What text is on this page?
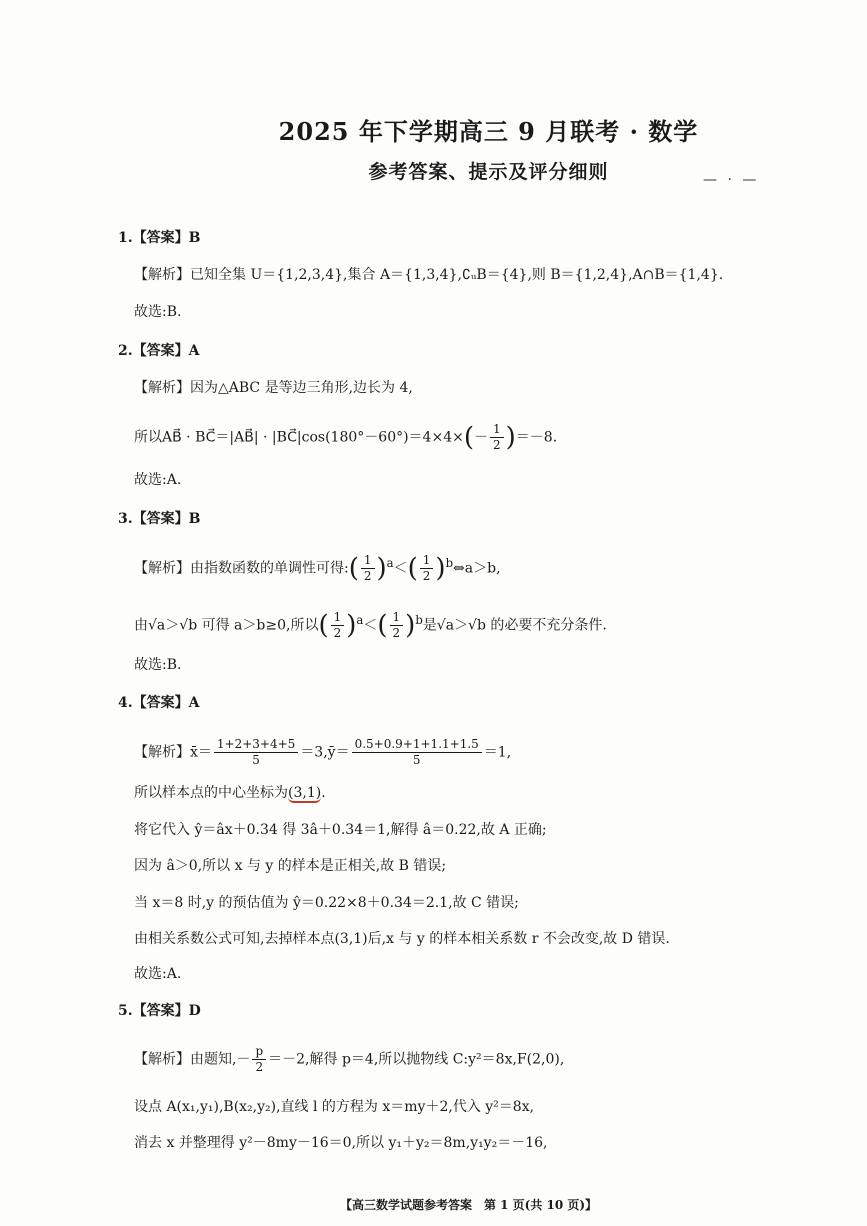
2025 年下学期高三 9 月联考 · 数学
参考答案、提示及评分细则	— · —
1.【答案】B
【解析】已知全集 U＝{1,2,3,4},集合 A＝{1,3,4},∁ᵤB＝{4},则 B＝{1,2,4},A∩B＝{1,4}.
故选:B.
2.【答案】A
【解析】因为△ABC 是等边三角形,边长为 4,
所以AB⃗ · BC⃗＝|AB⃗| · |BC⃗|cos(180°－60°)＝4×4×(－ $\frac{1}{2} )=-8$.
故选:A.
3.【答案】B
【解析】由指数函数的单调性可得:( $\frac{1}{2} )^a<( \frac{1}{2}$ )$^b\Leftrightarrow a>b$,
由√a＞√b 可得 a＞b≥0,所以( $\frac{1}{2} )^a<( \frac{1}{2} )^b$是√a＞√b 的必要不充分条件.
故选:B.
4.【答案】A
【解析】x̄＝ $\frac{1+2+3+4+5}{5}$ ＝3,ȳ＝ $\frac{0.5+0.9+1+1.1+1.5}{5} =1$,
所以样本点的中心坐标为(3,1).
将它代入 ŷ＝âx＋0.34 得 3â＋0.34＝1,解得 â＝0.22,故 A 正确;
因为 â＞0,所以 x 与 y 的样本是正相关,故 B 错误;
当 x＝8 时,y 的预估值为 ŷ＝0.22×8＋0.34＝2.1,故 C 错误;
由相关系数公式可知,去掉样本点(3,1)后,x 与 y 的样本相关系数 r 不会改变,故 D 错误.
故选:A.
5.【答案】D
【解析】由题知,－ $\frac{p}{2} =-2$,解得 p＝4,所以抛物线 C:y²＝8x,F(2,0),
设点 A(x₁,y₁),B(x₂,y₂),直线 l 的方程为 x＝my＋2,代入 y²＝8x,
消去 x 并整理得 y²－8my－16＝0,所以 y₁＋y₂＝8m,y₁y₂＝－16,
【高三数学试题参考答案　第 1 页(共 10 页)】
